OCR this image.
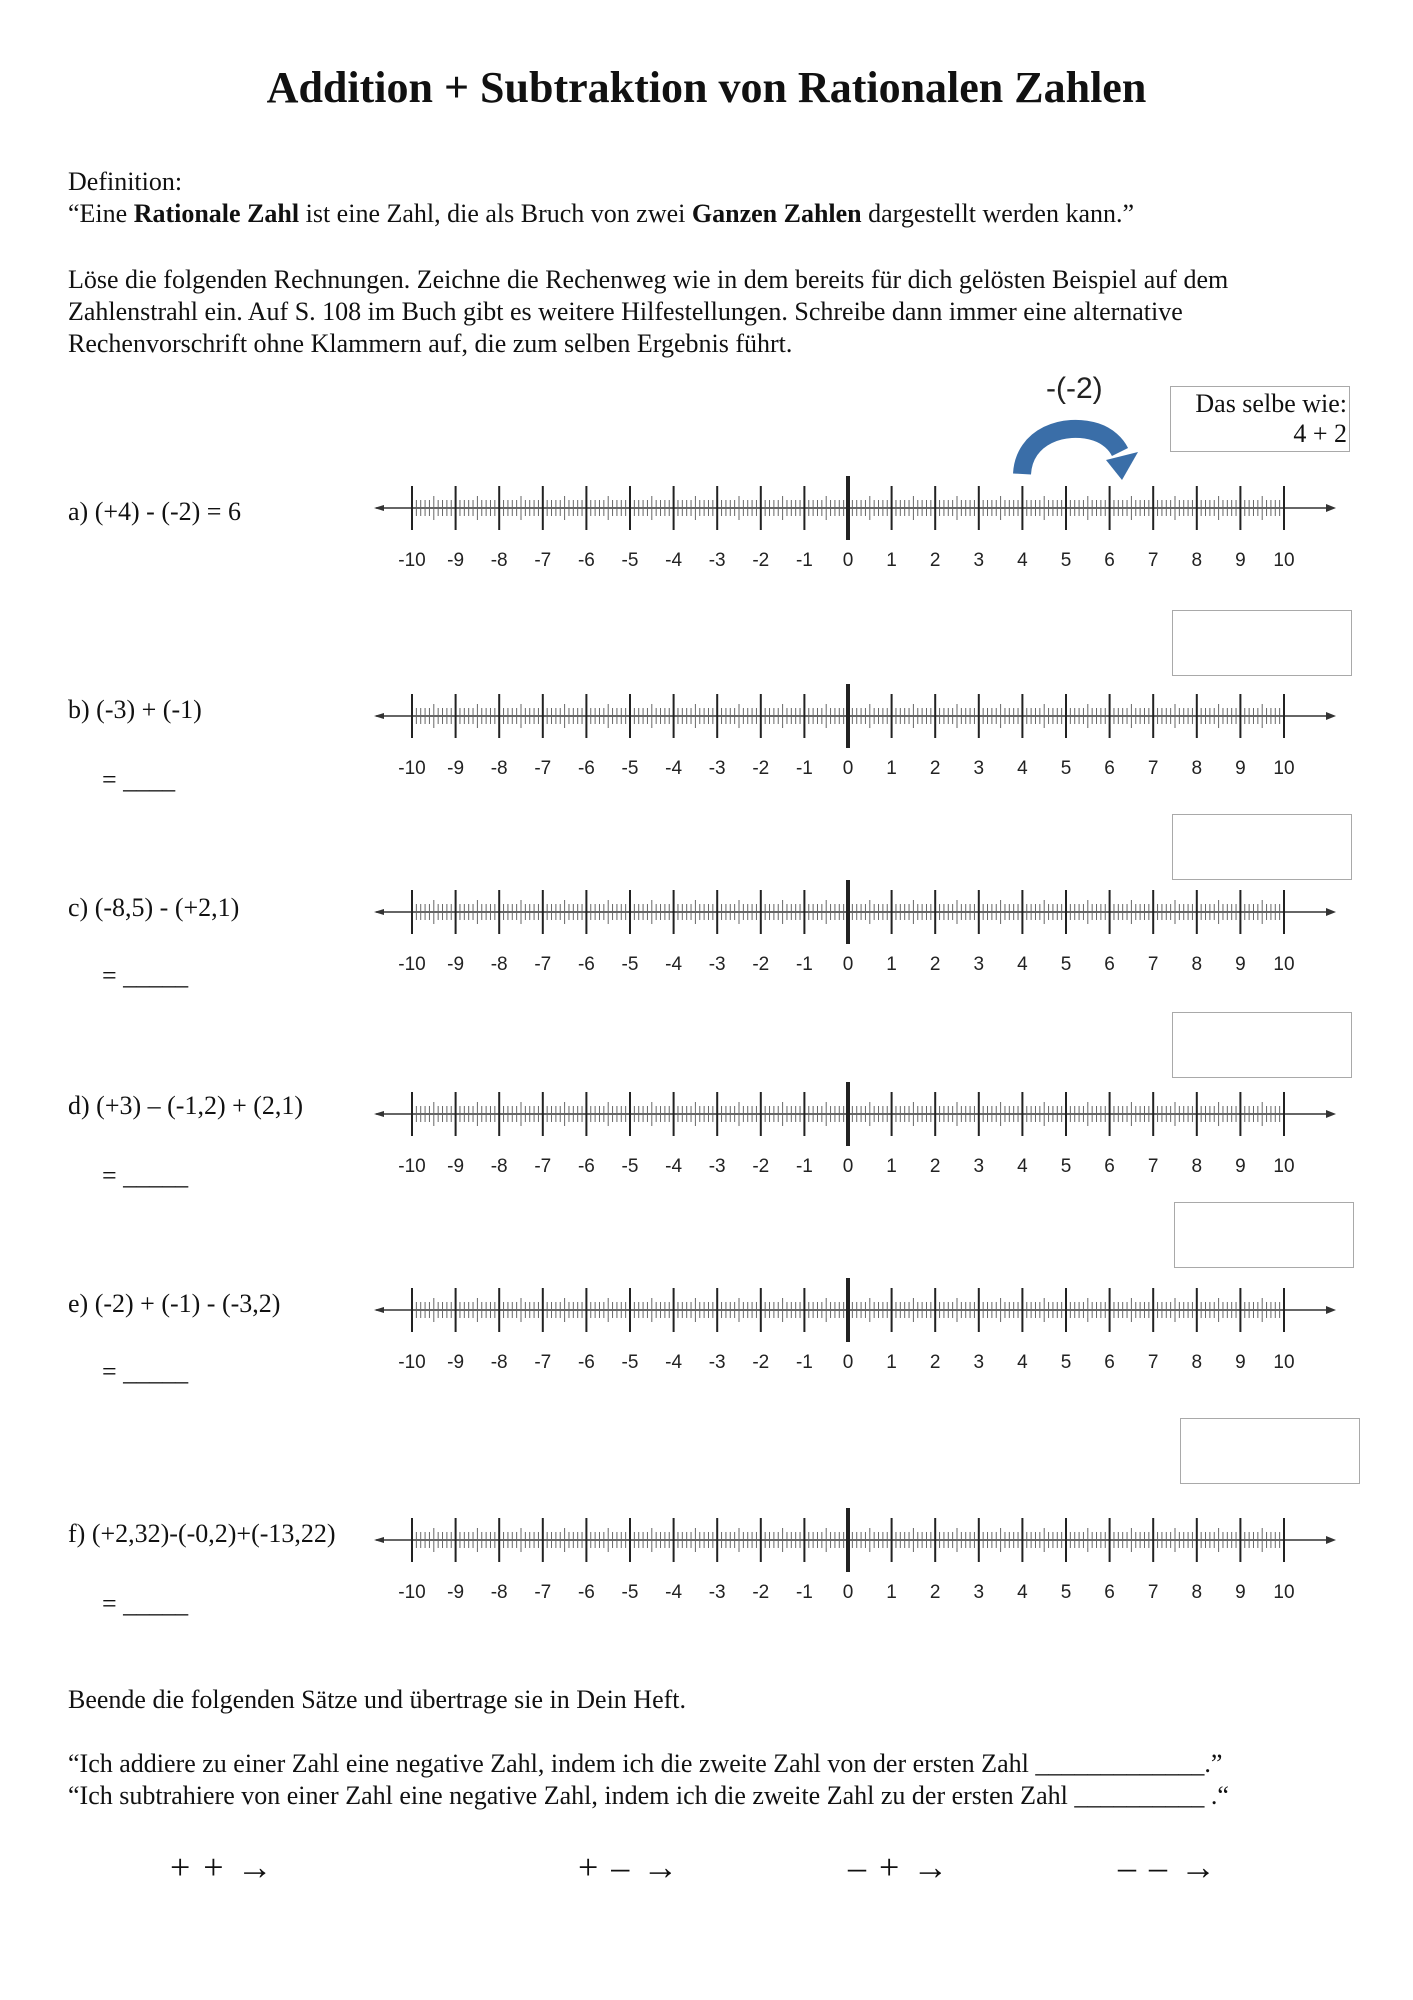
Addition + Subtraktion von Rationalen Zahlen
Definition:
“Eine Rationale Zahl ist eine Zahl, die als Bruch von zwei Ganzen Zahlen dargestellt werden kann.”
Löse die folgenden Rechnungen. Zeichne die Rechenweg wie in dem bereits für dich gelösten Beispiel auf dem
Zahlenstrahl ein. Auf S. 108 im Buch gibt es weitere Hilfestellungen. Schreibe dann immer eine alternative
Rechenvorschrift ohne Klammern auf, die zum selben Ergebnis führt.
-(-2)	Das selbe wie:
4 + 2
a) (+4) - (-2) = 6
b) (-3) + (-1)
= ____
c) (-8,5) - (+2,1)
= _____
d) (+3) – (-1,2) + (2,1)
= _____
e) (-2) + (-1) - (-3,2)
= _____
f) (+2,32)-(-0,2)+(-13,22)
= _____
-10 -9 -8 -7 -6 -5 -4 -3 -2 -1 0 1 2 3 4 5 6 7 8 9 10
-10 -9 -8 -7 -6 -5 -4 -3 -2 -1 0 1 2 3 4 5 6 7 8 9 10
-10 -9 -8 -7 -6 -5 -4 -3 -2 -1 0 1 2 3 4 5 6 7 8 9 10
-10 -9 -8 -7 -6 -5 -4 -3 -2 -1 0 1 2 3 4 5 6 7 8 9 10
-10 -9 -8 -7 -6 -5 -4 -3 -2 -1 0 1 2 3 4 5 6 7 8 9 10
-10 -9 -8 -7 -6 -5 -4 -3 -2 -1 0 1 2 3 4 5 6 7 8 9 10
Beende die folgenden Sätze und übertrage sie in Dein Heft.
“Ich addiere zu einer Zahl eine negative Zahl, indem ich die zweite Zahl von der ersten Zahl _____________.”
“Ich subtrahiere von einer Zahl eine negative Zahl, indem ich die zweite Zahl zu der ersten Zahl __________ .“
+ + →	+ – →	– + →	– – →
